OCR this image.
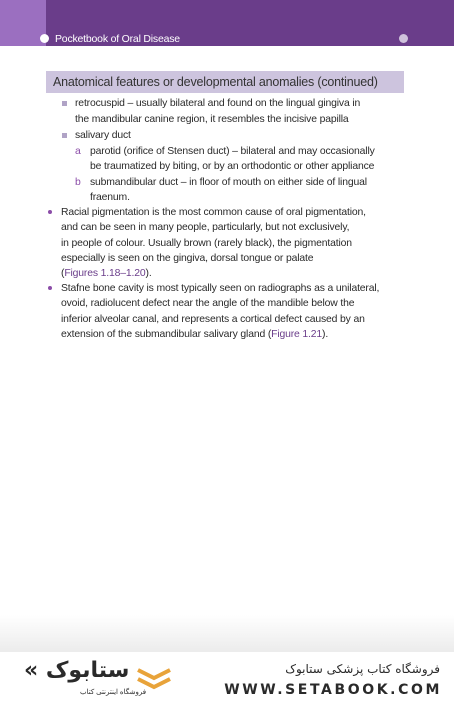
Pocketbook of Oral Disease
Anatomical features or developmental anomalies (continued)
retrocuspid – usually bilateral and found on the lingual gingiva in
the mandibular canine region, it resembles the incisive papilla
salivary duct
a parotid (orifice of Stensen duct) – bilateral and may occasionally
be traumatized by biting, or by an orthodontic or other appliance
b submandibular duct – in floor of mouth on either side of lingual
fraenum.
Racial pigmentation is the most common cause of oral pigmentation,
and can be seen in many people, particularly, but not exclusively,
in people of colour. Usually brown (rarely black), the pigmentation
especially is seen on the gingiva, dorsal tongue or palate
(Figures 1.18–1.20).
Stafne bone cavity is most typically seen on radiographs as a unilateral,
ovoid, radiolucent defect near the angle of the mandible below the
inferior alveolar canal, and represents a cortical defect caused by an
extension of the submandibular salivary gland (Figure 1.21).
« ستابوک
فروشگاه اینترنتی کتاب
فروشگاه کتاب پزشکی ستابوک
WWW.SETABOOK.COM
